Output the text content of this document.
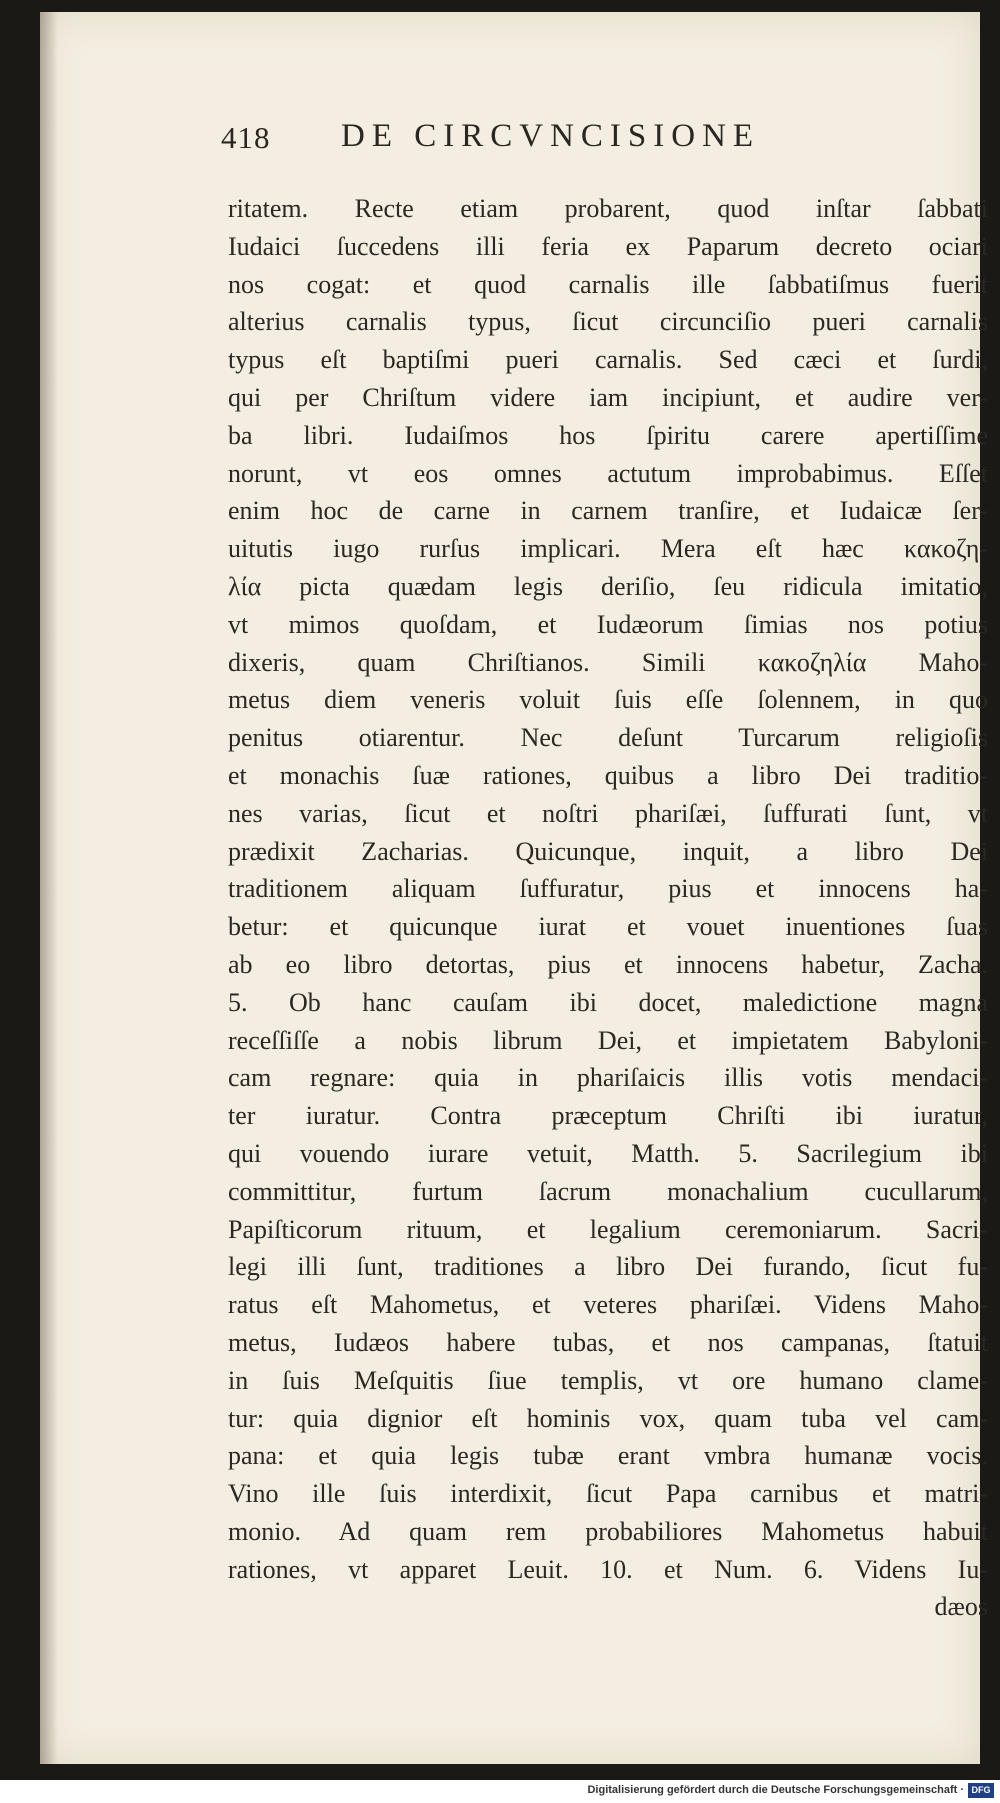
418 DE CIRCVNCISIONE
ritatem. Recte etiam probarent, quod inſtar ſabbati
Iudaici ſuccedens illi feria ex Paparum decreto ociari
nos cogat: et quod carnalis ille ſabbatiſmus fuerit
alterius carnalis typus, ſicut circunciſio pueri carnalis
typus eſt baptiſmi pueri carnalis. Sed cæci et ſurdi,
qui per Chriſtum videre iam incipiunt, et audire ver-
ba libri. Iudaiſmos hos ſpiritu carere apertiſſime
norunt, vt eos omnes actutum improbabimus. Eſſet
enim hoc de carne in carnem tranſire, et Iudaicæ ſer-
uitutis iugo rurſus implicari. Mera eſt hæc κακοζη-
λία picta quædam legis deriſio, ſeu ridicula imitatio,
vt mimos quoſdam, et Iudæorum ſimias nos potius
dixeris, quam Chriſtianos. Simili κακοζηλία Maho-
metus diem veneris voluit ſuis eſſe ſolennem, in quo
penitus otiarentur. Nec deſunt Turcarum religioſis
et monachis ſuæ rationes, quibus a libro Dei traditio-
nes varias, ſicut et noſtri phariſæi, ſuffurati ſunt, vt
prædixit Zacharias. Quicunque, inquit, a libro Dei
traditionem aliquam ſuffuratur, pius et innocens ha-
betur: et quicunque iurat et vouet inuentiones ſuas
ab eo libro detortas, pius et innocens habetur, Zacha.
5. Ob hanc cauſam ibi docet, maledictione magna
receſſiſſe a nobis librum Dei, et impietatem Babyloni-
cam regnare: quia in phariſaicis illis votis mendaci-
ter iuratur. Contra præceptum Chriſti ibi iuratur,
qui vouendo iurare vetuit, Matth. 5. Sacrilegium ibi
committitur, furtum ſacrum monachalium cucullarum,
Papiſticorum rituum, et legalium ceremoniarum. Sacri-
legi illi ſunt, traditiones a libro Dei furando, ſicut fu-
ratus eſt Mahometus, et veteres phariſæi. Videns Maho-
metus, Iudæos habere tubas, et nos campanas, ſtatuit
in ſuis Meſquitis ſiue templis, vt ore humano clame-
tur: quia dignior eſt hominis vox, quam tuba vel cam-
pana: et quia legis tubæ erant vmbra humanæ vocis.
Vino ille ſuis interdixit, ſicut Papa carnibus et matri-
monio. Ad quam rem probabiliores Mahometus habuit
rationes, vt apparet Leuit. 10. et Num. 6. Videns Iu-
dæos
Digitalisierung gefördert durch die Deutsche Forschungsgemeinschaft · DFG
